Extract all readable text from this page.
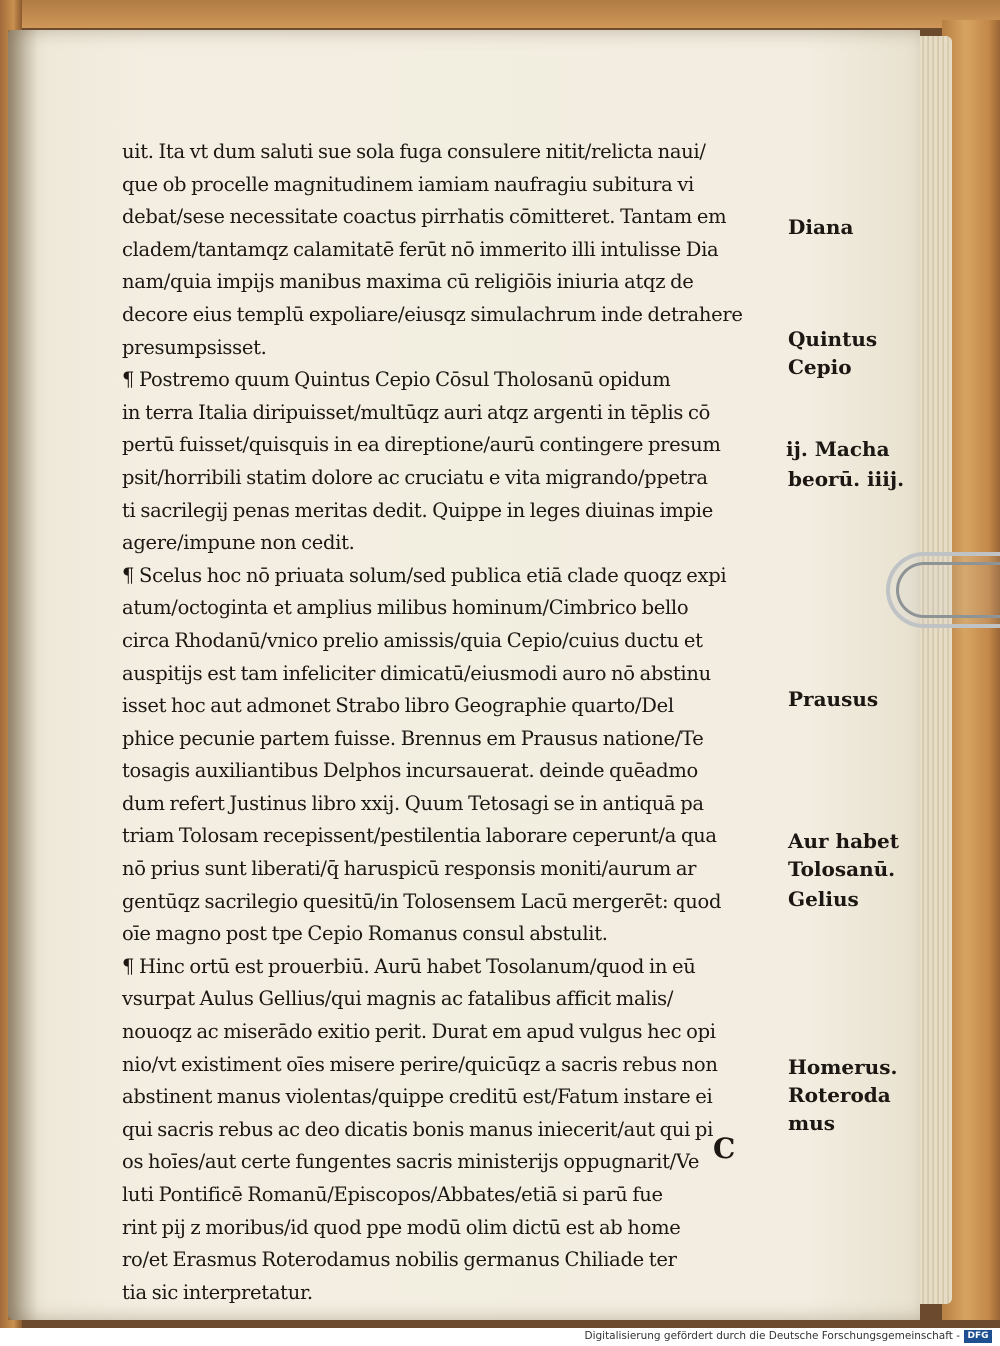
uit. Ita vt dum saluti sue sola fuga consulere nitit/relicta naui/
que ob procelle magnitudinem iamiam naufragiu subitura vi
debat/sese necessitate coactus pirrhatis cōmitteret. Tantam em
cladem/tantamqz calamitatē ferūt nō immerito illi intulisse Dia
nam/quia impijs manibus maxima cū religiōis iniuria atqz de
decore eius templū expoliare/eiusqz simulachrum inde detrahere
presumpsisset.
¶ Postremo quum Quintus Cepio Cōsul Tholosanū opidum
in terra Italia diripuisset/multūqz auri atqz argenti in tēplis cō
pertū fuisset/quisquis in ea direptione/aurū contingere presum
psit/horribili statim dolore ac cruciatu e vita migrando/ppetra
ti sacrilegij penas meritas dedit. Quippe in leges diuinas impie
agere/impune non cedit.
¶ Scelus hoc nō priuata solum/sed publica etiā clade quoqz expi
atum/octoginta et amplius milibus hominum/Cimbrico bello
circa Rhodanū/vnico prelio amissis/quia Cepio/cuius ductu et
auspitijs est tam infeliciter dimicatū/eiusmodi auro nō abstinu
isset hoc aut admonet Strabo libro Geographie quarto/Del
phice pecunie partem fuisse. Brennus em Prausus natione/Te
tosagis auxiliantibus Delphos incursauerat. deinde quēadmo
dum refert Justinus libro xxij. Quum Tetosagi se in antiquā pa
triam Tolosam recepissent/pestilentia laborare ceperunt/a qua
nō prius sunt liberati/q̄ haruspicū responsis moniti/aurum ar
gentūqz sacrilegio quesitū/in Tolosensem Lacū mergerēt: quod
oīe magno post tpe Cepio Romanus consul abstulit.
¶ Hinc ortū est prouerbiū. Aurū habet Tosolanum/quod in eū
vsurpat Aulus Gellius/qui magnis ac fatalibus afficit malis/
nouoqz ac miserādo exitio perit. Durat em apud vulgus hec opi
nio/vt existiment oīes misere perire/quicūqz a sacris rebus non
abstinent manus violentas/quippe creditū est/Fatum instare ei
qui sacris rebus ac deo dicatis bonis manus iniecerit/aut qui pi
os hoīes/aut certe fungentes sacris ministerijs oppugnarit/Ve
luti Pontificē Romanū/Episcopos/Abbates/etiā si parū fue
rint pij z moribus/id quod ppe modū olim dictū est ab home
ro/et Erasmus Roterodamus nobilis germanus Chiliade ter
tia sic interpretatur.
Diana
Quintus
Cepio
ij. Macha
beorū. iiij.
Prausus
Aur habet
Tolosanū.
Gelius
Homerus.
Roteroda
mus
C
Digitalisierung gefördert durch die Deutsche Forschungsgemeinschaft - DFG
